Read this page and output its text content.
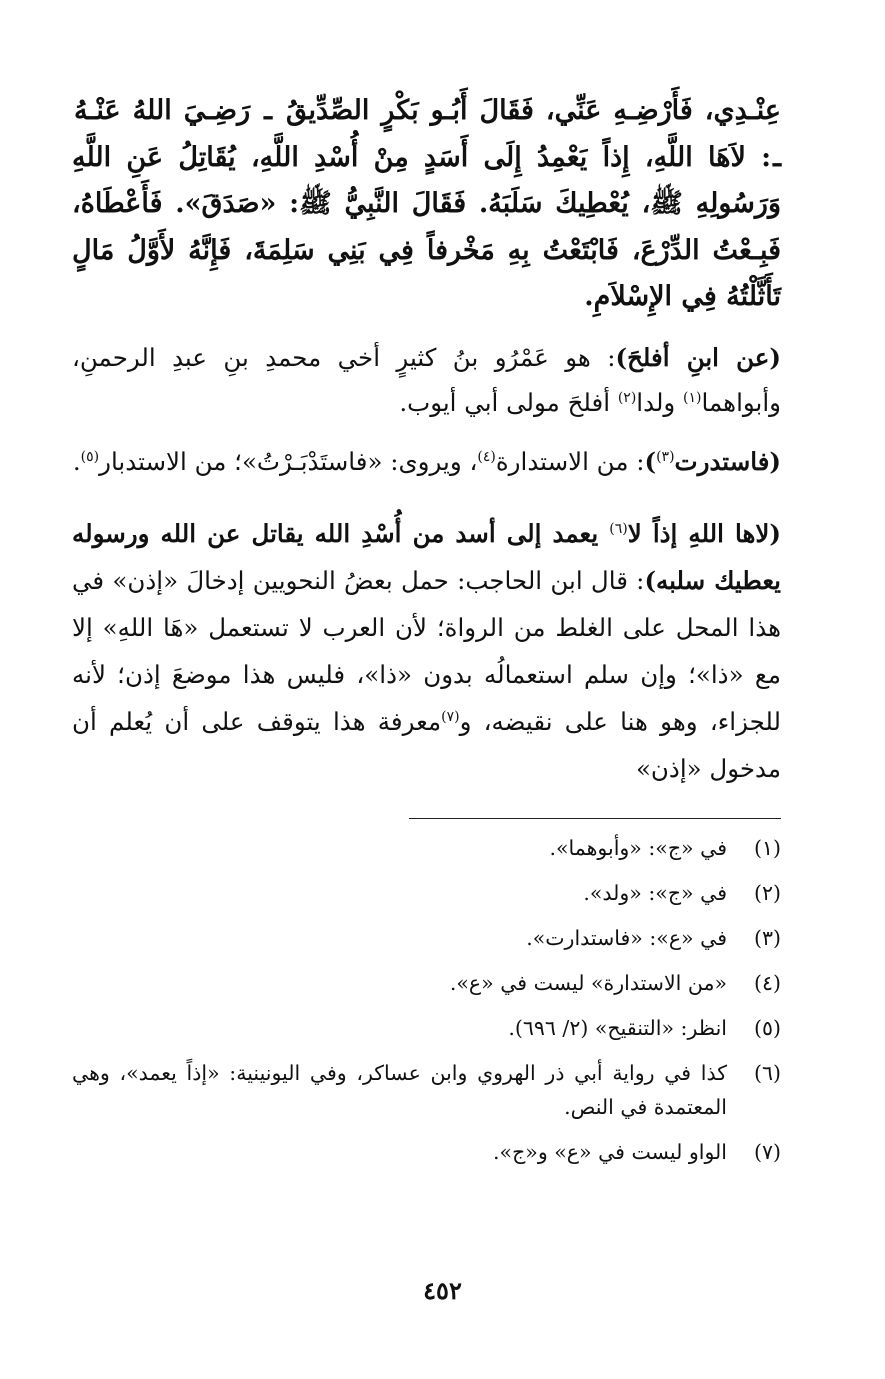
عِنْـدِي، فَأَرْضِـهِ عَنِّي، فَقَالَ أَبُـو بَكْرٍ الصِّدِّيقُ ـ رَضِـيَ اللهُ عَنْـهُ ـ: لاَهَا اللَّهِ، إِذاً يَعْمِدُ إِلَى أَسَدٍ مِنْ أُسْدِ اللَّهِ، يُقَاتِلُ عَنِ اللَّهِ وَرَسُولِهِ ﷺ، يُعْطِيكَ سَلَبَهُ. فَقَالَ النَّبِيُّ ﷺ: «صَدَقَ». فَأَعْطَاهُ، فَبِـعْتُ الدِّرْعَ، فَابْتَعْتُ بِهِ مَخْرفاً فِي بَنِي سَلِمَةَ، فَإِنَّهُ لأَوَّلُ مَالٍ تَأَثَّلْتُهُ فِي الإِسْلاَمِ.

(عن ابنِ أفلحَ): هو عَمْرُو بنُ كثيرٍ أخي محمدِ بنِ عبدِ الرحمنِ، وأبواهما$^{(١)}$ ولدا$^{(٢)}$ أفلحَ مولى أبي أيوب.

(فاستدرت$^{(٣)}$): من الاستدارة$^{(٤)}$، ويروى: «فاستَدْبَـرْتُ»؛ من الاستدبار$^{(٥)}$.

(لاها اللهِ إذاً لا$^{(٦)}$ يعمد إلى أسد من أُسْدِ الله يقاتل عن الله ورسوله يعطيك سلبه): قال ابن الحاجب: حمل بعضُ النحويين إدخالَ «إذن» في هذا المحل على الغلط من الرواة؛ لأن العرب لا تستعمل «هَا اللهِ» إلا مع «ذا»؛ وإن سلم استعمالُه بدون «ذا»، فليس هذا موضعَ إذن؛ لأنه للجزاء، وهو هنا على نقيضه، و$^{(٧)}$معرفة هذا يتوقف على أن يُعلم أن مدخول «إذن»

(١)
في «ج»: «وأبوهما».
(٢)
في «ج»: «ولد».
(٣)
في «ع»: «فاستدارت».
(٤)
«من الاستدارة» ليست في «ع».
(٥)
انظر: «التنقيح» (٢/ ٦٩٦).
(٦)
كذا في رواية أبي ذر الهروي وابن عساكر، وفي اليونينية: «إذاً يعمد»، وهي المعتمدة في النص.
(٧)
الواو ليست في «ع» و«ج».
٤٥٢
